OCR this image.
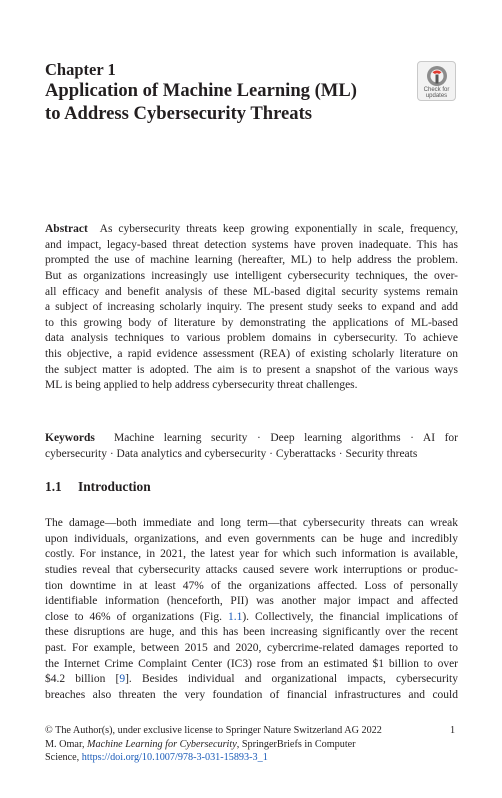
Chapter 1
Application of Machine Learning (ML)
to Address Cybersecurity Threats
Check for
updates
Abstract As cybersecurity threats keep growing exponentially in scale, frequency,
and impact, legacy-based threat detection systems have proven inadequate. This has
prompted the use of machine learning (hereafter, ML) to help address the problem.
But as organizations increasingly use intelligent cybersecurity techniques, the over-
all efficacy and benefit analysis of these ML-based digital security systems remain
a subject of increasing scholarly inquiry. The present study seeks to expand and add
to this growing body of literature by demonstrating the applications of ML-based
data analysis techniques to various problem domains in cybersecurity. To achieve
this objective, a rapid evidence assessment (REA) of existing scholarly literature on
the subject matter is adopted. The aim is to present a snapshot of the various ways
ML is being applied to help address cybersecurity threat challenges.
Keywords Machine learning security · Deep learning algorithms · AI for
cybersecurity · Data analytics and cybersecurity · Cyberattacks · Security threats
1.1 Introduction
The damage—both immediate and long term—that cybersecurity threats can wreak
upon individuals, organizations, and even governments can be huge and incredibly
costly. For instance, in 2021, the latest year for which such information is available,
studies reveal that cybersecurity attacks caused severe work interruptions or produc-
tion downtime in at least 47% of the organizations affected. Loss of personally
identifiable information (henceforth, PII) was another major impact and affected
close to 46% of organizations (Fig. 1.1). Collectively, the financial implications of
these disruptions are huge, and this has been increasing significantly over the recent
past. For example, between 2015 and 2020, cybercrime-related damages reported to
the Internet Crime Complaint Center (IC3) rose from an estimated $1 billion to over
$4.2 billion [9]. Besides individual and organizational impacts, cybersecurity
breaches also threaten the very foundation of financial infrastructures and could
© The Author(s), under exclusive license to Springer Nature Switzerland AG 2022
M. Omar, Machine Learning for Cybersecurity, SpringerBriefs in Computer
Science, https://doi.org/10.1007/978-3-031-15893-3_1
1
